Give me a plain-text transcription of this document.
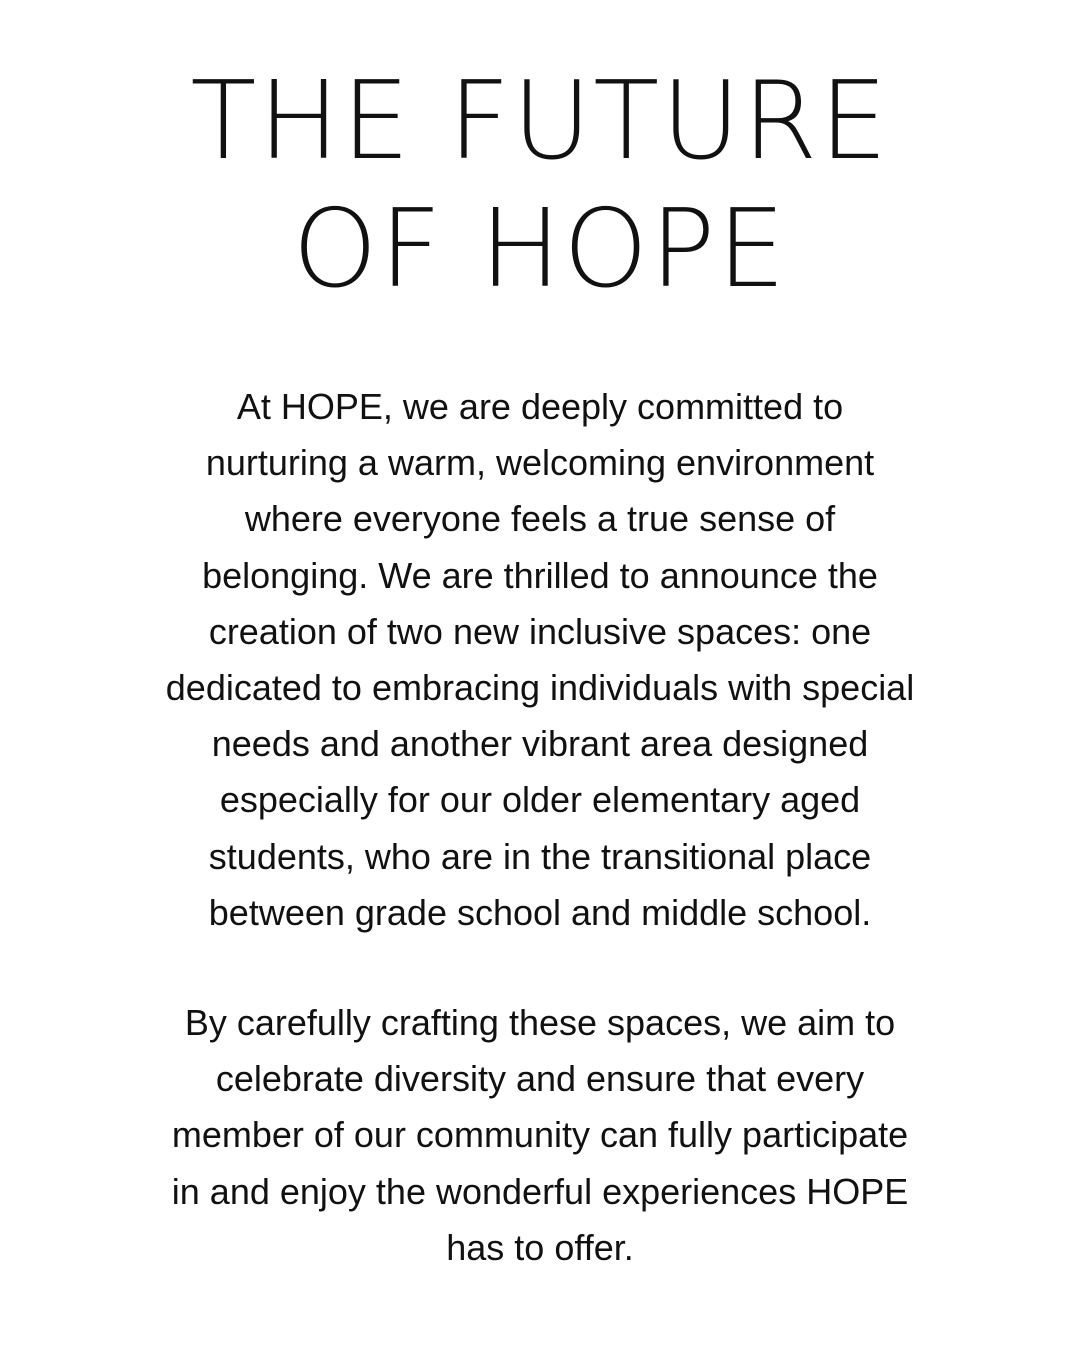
THE FUTURE
OF HOPE
At HOPE, we are deeply committed to
nurturing a warm, welcoming environment
where everyone feels a true sense of
belonging. We are thrilled to announce the
creation of two new inclusive spaces: one
dedicated to embracing individuals with special
needs and another vibrant area designed
especially for our older elementary aged
students, who are in the transitional place
between grade school and middle school.
By carefully crafting these spaces, we aim to
celebrate diversity and ensure that every
member of our community can fully participate
in and enjoy the wonderful experiences HOPE
has to offer.
